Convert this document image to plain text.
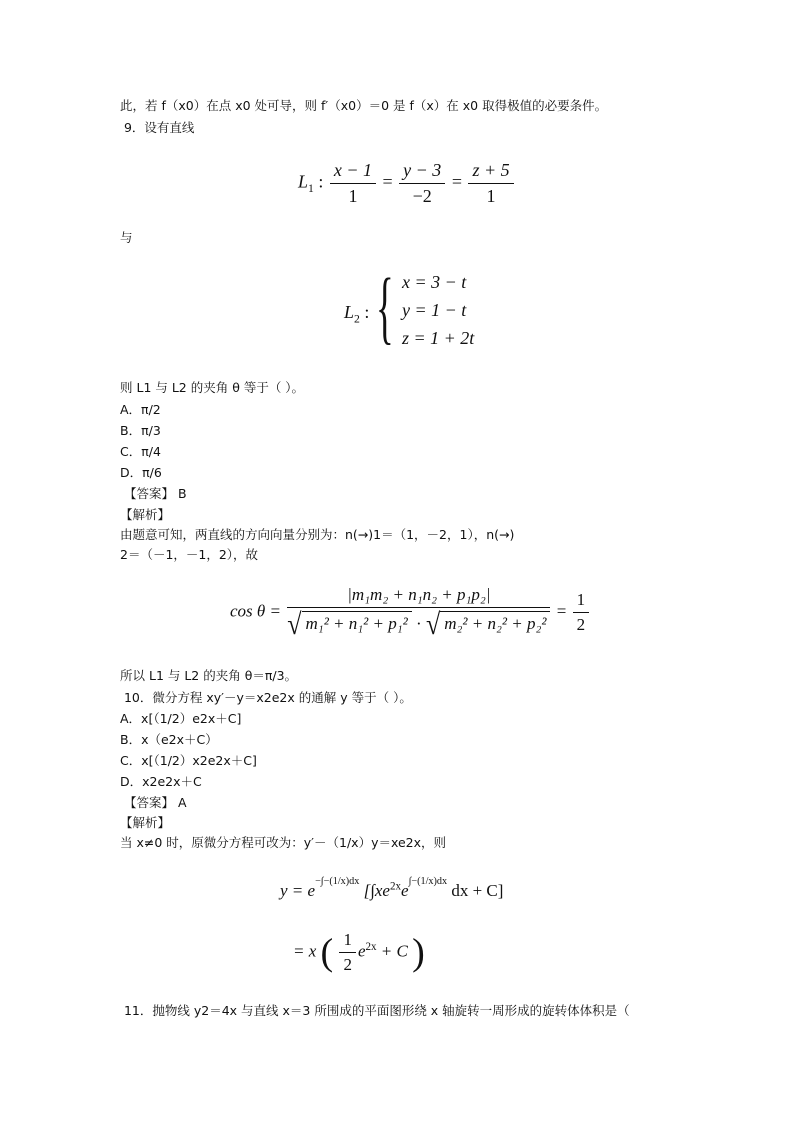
此，若 f（x0）在点 x0 处可导，则 f′（x0）＝0 是 f（x）在 x0 取得极值的必要条件。
9．设有直线
$L_1$ : $\frac{x - 1}{1} = \frac{y - 3}{-2} = \frac{z + 5}{1}$
与
$L_2$ : { x = 3 − t
y = 1 − t
z = 1 + 2t
则 L1 与 L2 的夹角 θ 等于（ ）。
A．π/2
B．π/3
C．π/4
D．π/6
【答案】 B
【解析】
由题意可知，两直线的方向向量分别为：n(→)1＝（1，－2，1），n(→)
2＝（－1，－1，2），故
$\cos \theta = \frac{\text{|m₁m₂ + n₁n₂ + p₁p₂|}}{\text{√ m₁² + n₁² + p₁² · √ m₂² + n₂² + p₂²}} = \frac{1}{2}$
所以 L1 与 L2 的夹角 θ＝π/3。
10．微分方程 xy′－y＝x2e2x 的通解 y 等于（ ）。
A．x[（1/2）e2x＋C]
B．x（e2x＋C）
C．x[（1/2）x2e2x＋C]
D．x2e2x＋C
【答案】 A
【解析】
当 x≠0 时，原微分方程可改为：y′－（1/x）y＝xe2x，则
$y = e^{-\int-(1/x)dx}$ [$\int xe^{2x}e^{\int-(1/x)dx}$ dx + C]
= x ( $\frac{1}{2} e^{2x} + C$ )
11．抛物线 y2＝4x 与直线 x＝3 所围成的平面图形绕 x 轴旋转一周形成的旋转体体积是（
